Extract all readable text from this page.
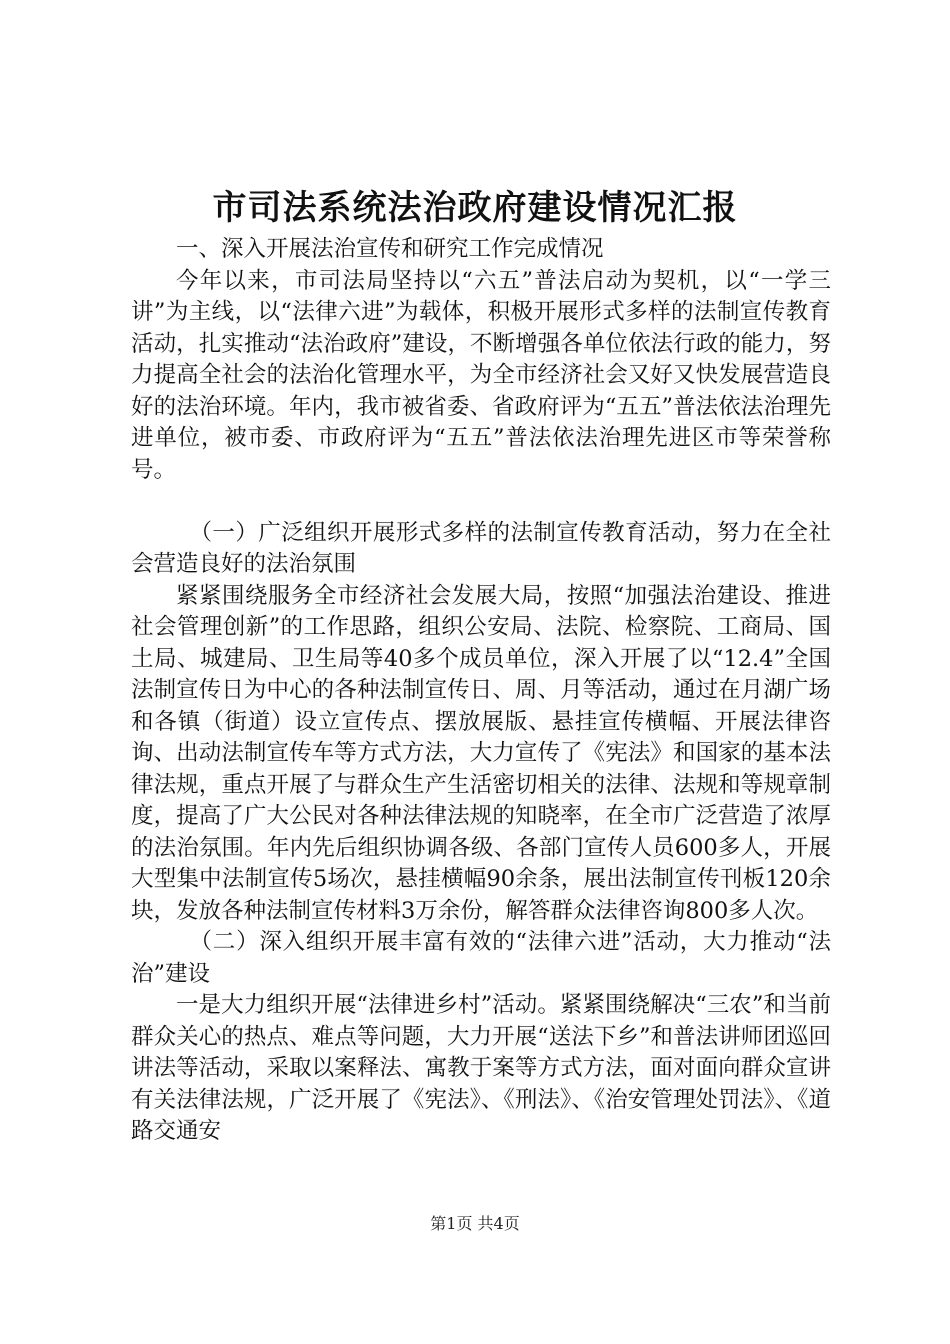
市司法系统法治政府建设情况汇报

一、深入开展法治宣传和研究工作完成情况

今年以来，市司法局坚持以“六五”普法启动为契机，以“一学三讲”为主线，以“法律六进”为载体，积极开展形式多样的法制宣传教育活动，扎实推动“法治政府”建设，不断增强各单位依法行政的能力，努力提高全社会的法治化管理水平，为全市经济社会又好又快发展营造良好的法治环境。年内，我市被省委、省政府评为“五五”普法依法治理先进单位，被市委、市政府评为“五五”普法依法治理先进区市等荣誉称号。

（一）广泛组织开展形式多样的法制宣传教育活动，努力在全社会营造良好的法治氛围

紧紧围绕服务全市经济社会发展大局，按照“加强法治建设、推进社会管理创新”的工作思路，组织公安局、法院、检察院、工商局、国土局、城建局、卫生局等40多个成员单位，深入开展了以“12.4”全国法制宣传日为中心的各种法制宣传日、周、月等活动，通过在月湖广场和各镇（街道）设立宣传点、摆放展版、悬挂宣传横幅、开展法律咨询、出动法制宣传车等方式方法，大力宣传了《宪法》和国家的基本法律法规，重点开展了与群众生产生活密切相关的法律、法规和等规章制度，提高了广大公民对各种法律法规的知晓率，在全市广泛营造了浓厚的法治氛围。年内先后组织协调各级、各部门宣传人员600多人，开展大型集中法制宣传5场次，悬挂横幅90余条，展出法制宣传刊板120余块，发放各种法制宣传材料3万余份，解答群众法律咨询800多人次。

（二）深入组织开展丰富有效的“法律六进”活动，大力推动“法治”建设

一是大力组织开展“法律进乡村”活动。紧紧围绕解决“三农”和当前群众关心的热点、难点等问题，大力开展“送法下乡”和普法讲师团巡回讲法等活动，采取以案释法、寓教于案等方式方法，面对面向群众宣讲有关法律法规，广泛开展了《宪法》、《刑法》、《治安管理处罚法》、《道路交通安

第1页 共4页
